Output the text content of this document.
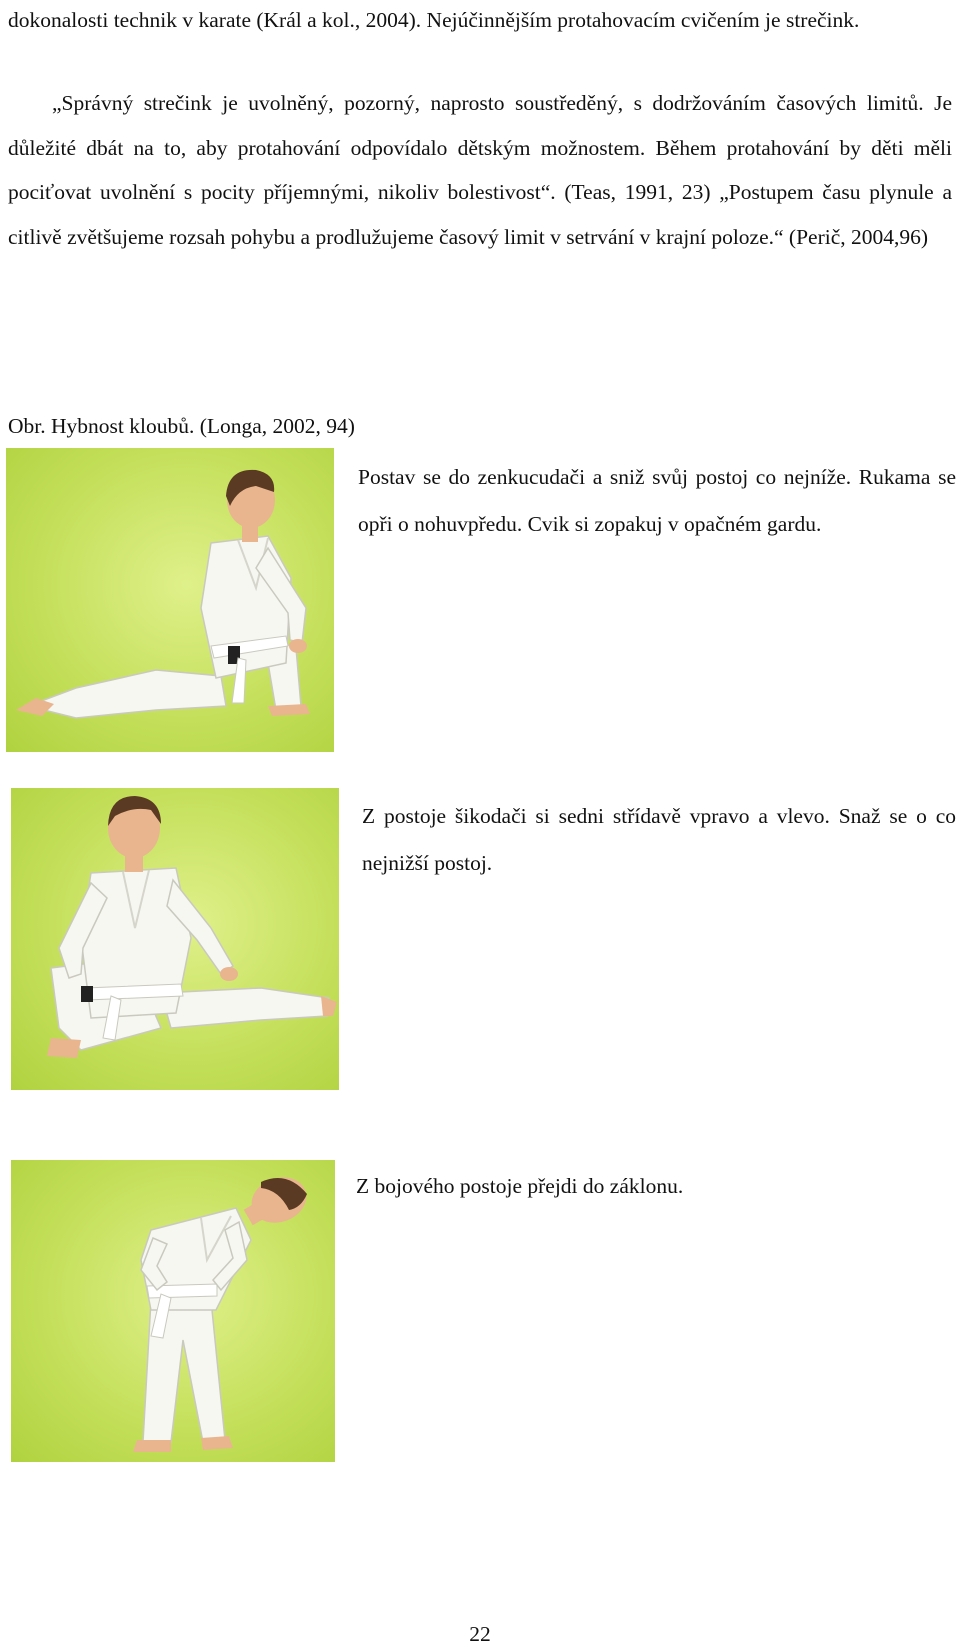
dokonalosti technik v karate (Král a kol., 2004). Nejúčinnějším protahovacím cvičením je strečink.

„Správný strečink je uvolněný, pozorný, naprosto soustředěný, s dodržováním časových limitů. Je důležité dbát na to, aby protahování odpovídalo dětským možnostem. Během protahování by děti měli pociťovat uvolnění s pocity příjemnými, nikoliv bolestivost“. (Teas, 1991, 23) „Postupem času plynule a citlivě zvětšujeme rozsah pohybu a prodlužujeme časový limit v setrvání v krajní poloze.“ (Perič, 2004,96)

Obr. Hybnost kloubů. (Longa, 2002, 94)

Postav se do zenkucudači a sniž svůj postoj co nejníže. Rukama se opři o nohuvpředu. Cvik si zopakuj v opačném gardu.

Z postoje šikodači si sedni střídavě vpravo a vlevo. Snaž se o co nejnižší postoj.

Z bojového postoje přejdi do záklonu.

22
